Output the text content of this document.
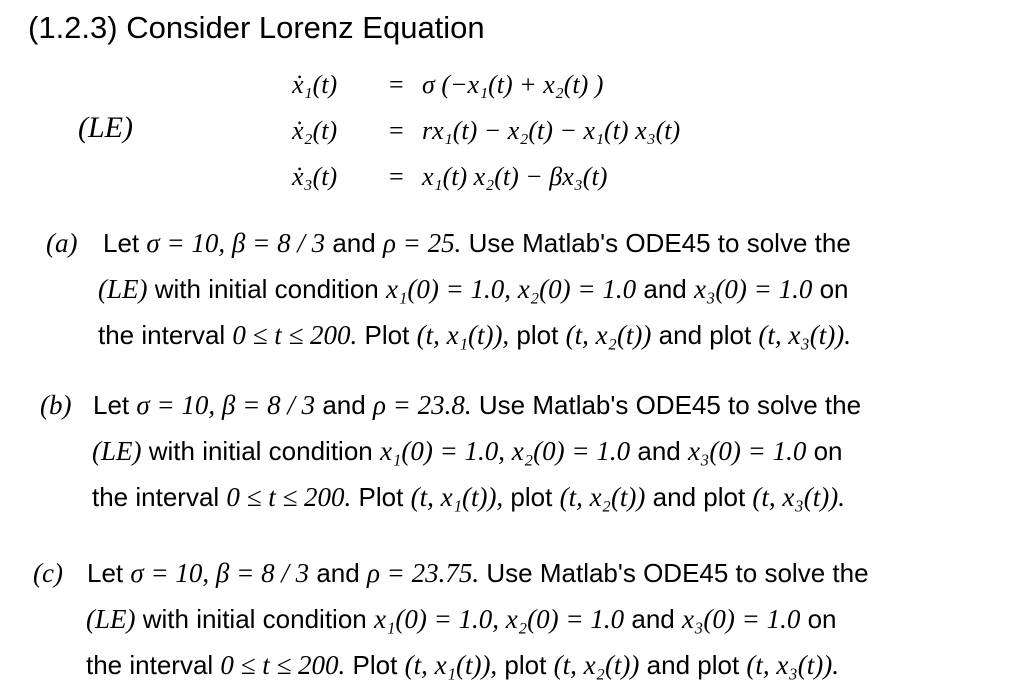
(1.2.3) Consider Lorenz Equation
(LE)
ẋ₁(t) = σ (−x₁(t) + x₂(t) )
ẋ₂(t) = rx₁(t) − x₂(t) − x₁(t) x₃(t)
ẋ₃(t) = x₁(t) x₂(t) − βx₃(t)
(a) Let σ = 10, β = 8 / 3 and ρ = 25. Use Matlab's ODE45 to solve the
(LE) with initial condition x₁(0) = 1.0, x₂(0) = 1.0 and x₃(0) = 1.0 on
the interval 0 ≤ t ≤ 200. Plot (t, x₁(t)), plot (t, x₂(t)) and plot (t, x₃(t)).
(b) Let σ = 10, β = 8 / 3 and ρ = 23.8. Use Matlab's ODE45 to solve the
(LE) with initial condition x₁(0) = 1.0, x₂(0) = 1.0 and x₃(0) = 1.0 on
the interval 0 ≤ t ≤ 200. Plot (t, x₁(t)), plot (t, x₂(t)) and plot (t, x₃(t)).
(c) Let σ = 10, β = 8 / 3 and ρ = 23.75. Use Matlab's ODE45 to solve the
(LE) with initial condition x₁(0) = 1.0, x₂(0) = 1.0 and x₃(0) = 1.0 on
the interval 0 ≤ t ≤ 200. Plot (t, x₁(t)), plot (t, x₂(t)) and plot (t, x₃(t)).
